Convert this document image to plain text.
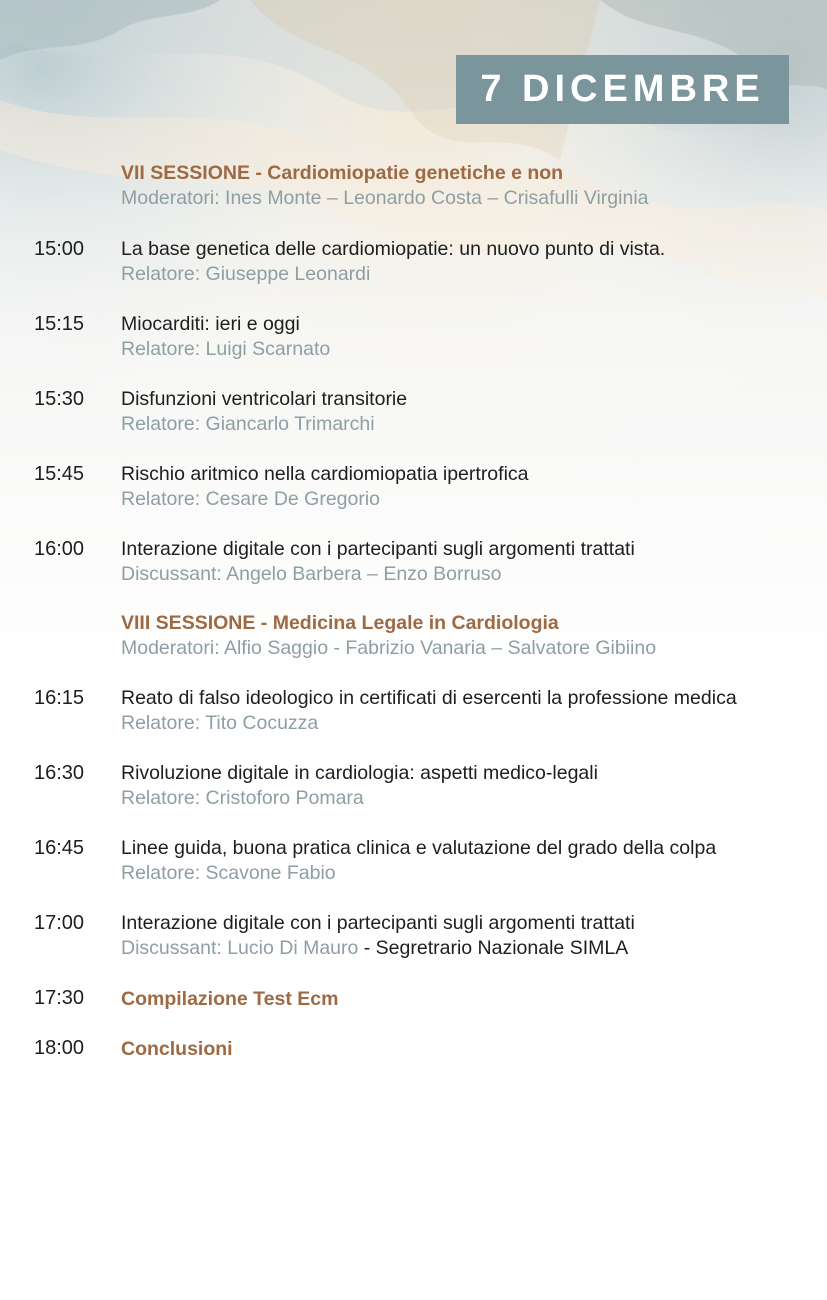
7 DICEMBRE
VII SESSIONE - Cardiomiopatie genetiche e non
Moderatori: Ines Monte – Leonardo Costa – Crisafulli Virginia
15:00 La base genetica delle cardiomiopatie: un nuovo punto di vista.
Relatore: Giuseppe Leonardi
15:15 Miocarditi: ieri e oggi
Relatore: Luigi Scarnato
15:30 Disfunzioni ventricolari transitorie
Relatore: Giancarlo Trimarchi
15:45 Rischio aritmico nella cardiomiopatia ipertrofica
Relatore: Cesare De Gregorio
16:00 Interazione digitale con i partecipanti sugli argomenti trattati
Discussant: Angelo Barbera – Enzo Borruso
VIII SESSIONE - Medicina Legale in Cardiologia
Moderatori: Alfio Saggio - Fabrizio Vanaria – Salvatore Gibiino
16:15 Reato di falso ideologico in certificati di esercenti la professione medica
Relatore: Tito Cocuzza
16:30 Rivoluzione digitale in cardiologia: aspetti medico-legali
Relatore: Cristoforo Pomara
16:45 Linee guida, buona pratica clinica e valutazione del grado della colpa
Relatore: Scavone Fabio
17:00 Interazione digitale con i partecipanti sugli argomenti trattati
Discussant: Lucio Di Mauro - Segretrario Nazionale SIMLA
17:30 Compilazione Test Ecm
18:00 Conclusioni
